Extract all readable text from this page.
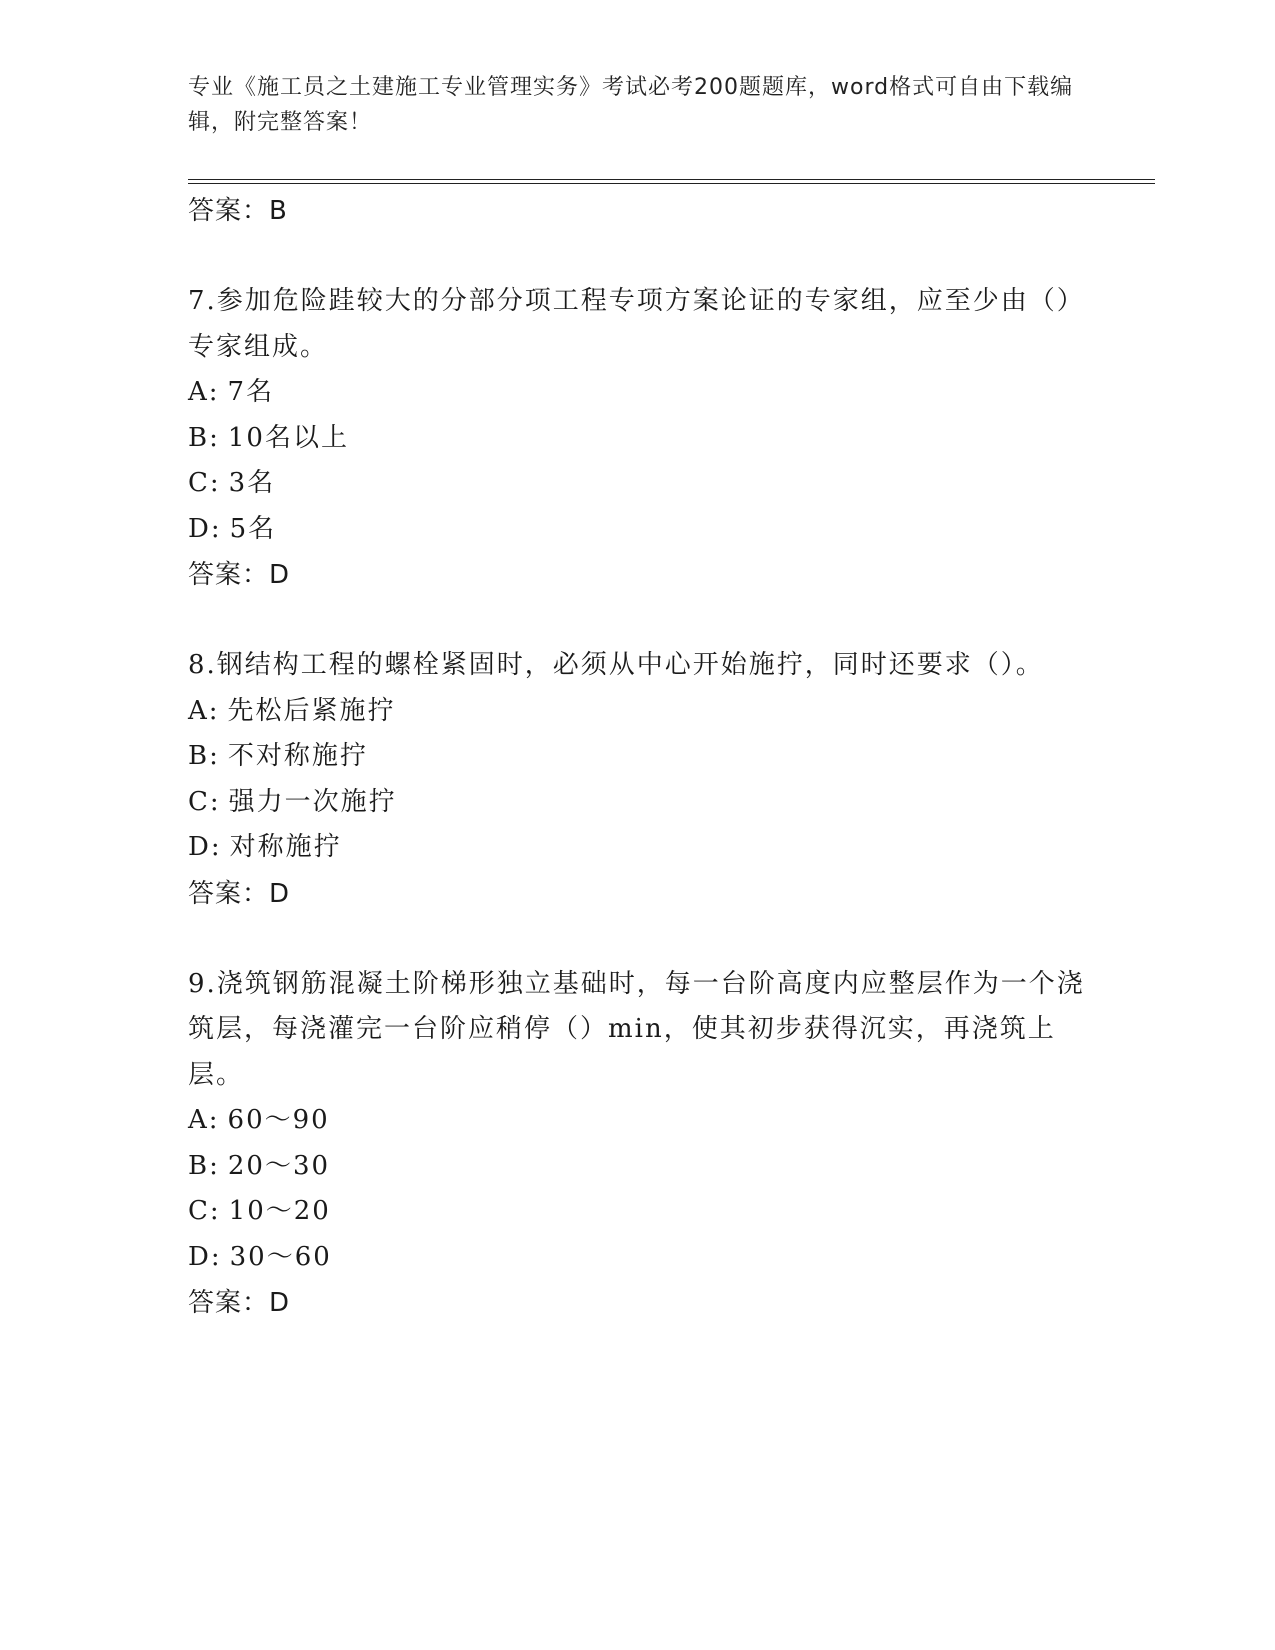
专业《施工员之土建施工专业管理实务》考试必考200题题库，word格式可自由下载编辑，附完整答案！
答案：B
7.参加危险跬较大的分部分项工程专项方案论证的专家组，应至少由（）专家组成。
A: 7名
B: 10名以上
C: 3名
D: 5名
答案：D
8.钢结构工程的螺栓紧固时，必须从中心开始施拧，同时还要求（）。
A: 先松后紧施拧
B: 不对称施拧
C: 强力一次施拧
D: 对称施拧
答案：D
9.浇筑钢筋混凝土阶梯形独立基础时，每一台阶高度内应整层作为一个浇筑层，每浇灌完一台阶应稍停（）min，使其初步获得沉实，再浇筑上层。
A: 60～90
B: 20～30
C: 10～20
D: 30～60
答案：D
